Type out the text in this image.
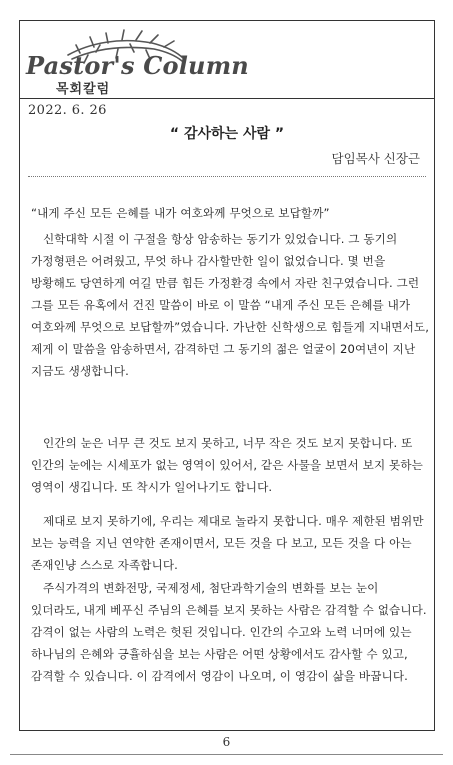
Pastor's Column
목회칼럼
2022. 6. 26
“ 감사하는 사람 ”
담임목사 신장근

“내게 주신 모든 은혜를 내가 여호와께 무엇으로 보답할까”

신학대학 시절 이 구절을 항상 암송하는 동기가 있었습니다. 그 동기의 가정형편은 어려웠고, 무엇 하나 감사할만한 일이 없었습니다. 몇 번을 방황해도 당연하게 여길 만큼 힘든 가정환경 속에서 자란 친구였습니다. 그런 그를 모든 유혹에서 건진 말씀이 바로 이 말씀 “내게 주신 모든 은혜를 내가 여호와께 무엇으로 보답할까”였습니다. 가난한 신학생으로 힘들게 지내면서도, 제게 이 말씀을 암송하면서, 감격하던 그 동기의 젊은 얼굴이 20여년이 지난 지금도 생생합니다.

인간의 눈은 너무 큰 것도 보지 못하고, 너무 작은 것도 보지 못합니다. 또 인간의 눈에는 시세포가 없는 영역이 있어서, 같은 사물을 보면서 보지 못하는 영역이 생깁니다. 또 착시가 일어나기도 합니다.

제대로 보지 못하기에, 우리는 제대로 놀라지 못합니다. 매우 제한된 범위만 보는 능력을 지닌 연약한 존재이면서, 모든 것을 다 보고, 모든 것을 다 아는 존재인냥 스스로 자족합니다.

주식가격의 변화전망, 국제정세, 첨단과학기술의 변화를 보는 눈이 있더라도, 내게 베푸신 주님의 은혜를 보지 못하는 사람은 감격할 수 없습니다. 감격이 없는 사람의 노력은 헛된 것입니다. 인간의 수고와 노력 너머에 있는 하나님의 은혜와 긍휼하심을 보는 사람은 어떤 상황에서도 감사할 수 있고, 감격할 수 있습니다. 이 감격에서 영감이 나오며, 이 영감이 삶을 바꿉니다.

6
